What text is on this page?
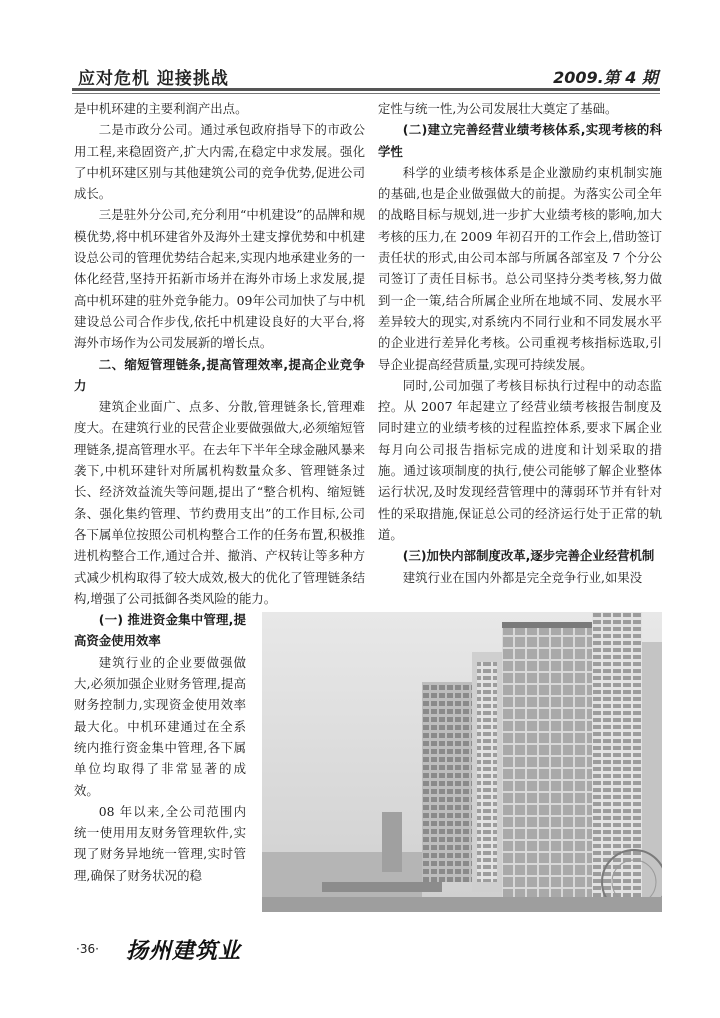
应对危机 迎接挑战	2009.第 4 期

是中机环建的主要利润产出点。

二是市政分公司。通过承包政府指导下的市政公用工程,来稳固资产,扩大内需,在稳定中求发展。强化了中机环建区别与其他建筑公司的竞争优势,促进公司成长。

三是驻外分公司,充分利用“中机建设”的品牌和规模优势,将中机环建省外及海外土建支撑优势和中机建设总公司的管理优势结合起来,实现内地承建业务的一体化经营,坚持开拓新市场并在海外市场上求发展,提高中机环建的驻外竞争能力。09年公司加快了与中机建设总公司合作步伐,依托中机建设良好的大平台,将海外市场作为公司发展新的增长点。

二、缩短管理链条,提高管理效率,提高企业竞争力

建筑企业面广、点多、分散,管理链条长,管理难度大。在建筑行业的民营企业要做强做大,必须缩短管理链条,提高管理水平。在去年下半年全球金融风暴来袭下,中机环建针对所属机构数量众多、管理链条过长、经济效益流失等问题,提出了“整合机构、缩短链条、强化集约管理、节约费用支出”的工作目标,公司各下属单位按照公司机构整合工作的任务布置,积极推进机构整合工作,通过合并、撤消、产权转让等多种方式减少机构取得了较大成效,极大的优化了管理链条结构,增强了公司抵御各类风险的能力。

(一) 推进资金集中管理,提高资金使用效率

建筑行业的企业要做强做大,必须加强企业财务管理,提高财务控制力,实现资金使用效率最大化。中机环建通过在全系统内推行资金集中管理,各下属单位均取得了非常显著的成效。

08 年以来,全公司范围内统一使用用友财务管理软件,实现了财务异地统一管理,实时管理,确保了财务状况的稳

定性与统一性,为公司发展壮大奠定了基础。

(二)建立完善经营业绩考核体系,实现考核的科学性

科学的业绩考核体系是企业激励约束机制实施的基础,也是企业做强做大的前提。为落实公司全年的战略目标与规划,进一步扩大业绩考核的影响,加大考核的压力,在 2009 年初召开的工作会上,借助签订责任状的形式,由公司本部与所属各部室及 7 个分公司签订了责任目标书。总公司坚持分类考核,努力做到一企一策,结合所属企业所在地域不同、发展水平差异较大的现实,对系统内不同行业和不同发展水平的企业进行差异化考核。公司重视考核指标选取,引导企业提高经营质量,实现可持续发展。

同时,公司加强了考核目标执行过程中的动态监控。从 2007 年起建立了经营业绩考核报告制度及同时建立的业绩考核的过程监控体系,要求下属企业每月向公司报告指标完成的进度和计划采取的措施。通过该项制度的执行,使公司能够了解企业整体运行状况,及时发现经营管理中的薄弱环节并有针对性的采取措施,保证总公司的经济运行处于正常的轨道。

(三)加快内部制度改革,逐步完善企业经营机制

建筑行业在国内外都是完全竞争行业,如果没

·36· 扬州建筑业
